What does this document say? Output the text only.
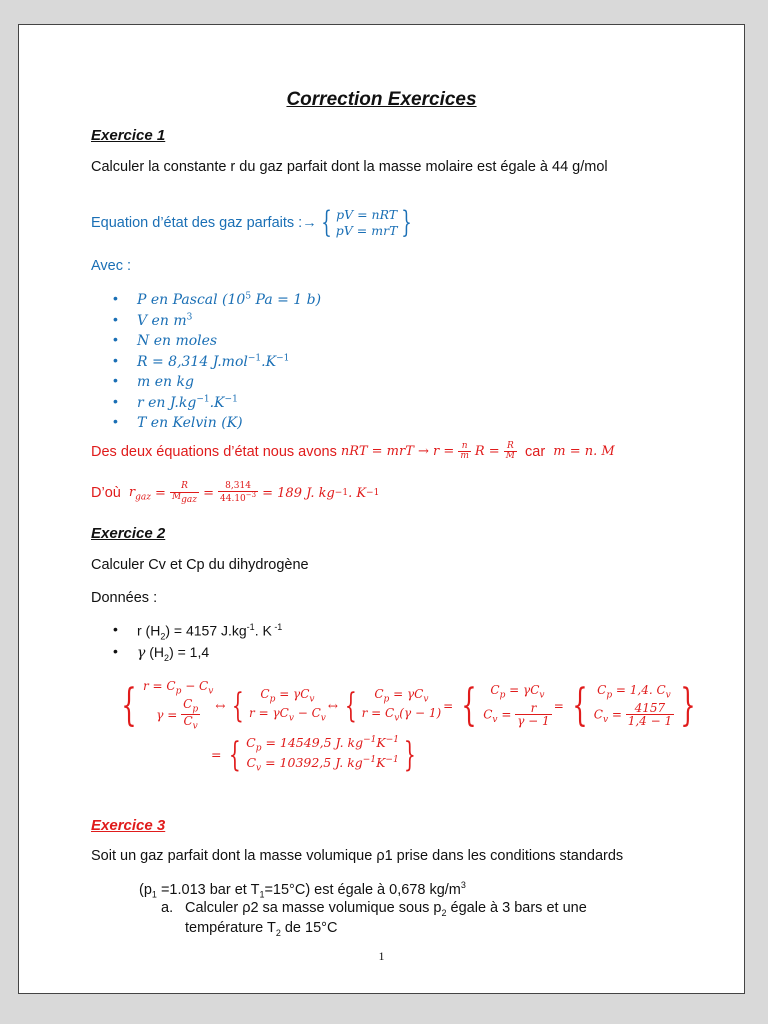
Correction Exercices
Exercice 1
Calculer la constante r du gaz parfait dont la masse molaire est égale à 44 g/mol
Equation d’état des gaz parfaits :→ { pV = nRT
pV = mrT }
Avec :
• P en Pascal ($10^5$ Pa = 1 b)
• V en $m^3$
• N en moles
• R = 8,314 $J.mol^{-1}.K^{-1}$
• m en kg
• r en $J.kg^{-1}.K^{-1}$
• T en Kelvin (K)
Des deux équations d’état nous avons
nRT = mrT → r =
$\frac{n}{m}$
R =
$\frac{R}{M}$
car
m = n. M
D’où
$r_{gaz}$
=
$\frac{R}{M_{gaz}}$
=
$\frac{8,314}{44.10^{-3}}$
= 189 J. kg −1 . K −1
Exercice 2
Calculer Cv et Cp du dihydrogène
Données :
• r $(H_2) = 4157$ $J.kg^{-1}$. K $^{-1}$
• γ $(H_2) = 1,4$
{ $r = C_p - C_v$
$\gamma = \frac{C_p}{C_v}$ ↔ {	$C_p = \gamma C_v$
$r = \gamma C_v - C_v$
↔ {	$C_p = \gamma C_v$
$r = C_v(\gamma - 1)$ = {	$C_p = \gamma C_v$
$C_v = \frac{r}{\gamma - 1}$ = { $C_p = 1,4$. $C_v$
$C_v = \frac{4157}{1,4 - 1}$ }
= { $C_p = 14549,5$ J. $kg^{-1}K^{-1}$
$C_v = 10392,5$ J. $kg^{-1}K^{-1}$ }
Exercice 3
Soit un gaz parfait dont la masse volumique ρ1 prise dans les conditions standards
($p_1 =1.013$ bar et $T_1=15^\circ C$) est égale à 0,678 $kg/m^3$
a. Calculer ρ2 sa masse volumique sous $p_2$ égale à 3 bars et une
température $T_2$ de 15°C
1
